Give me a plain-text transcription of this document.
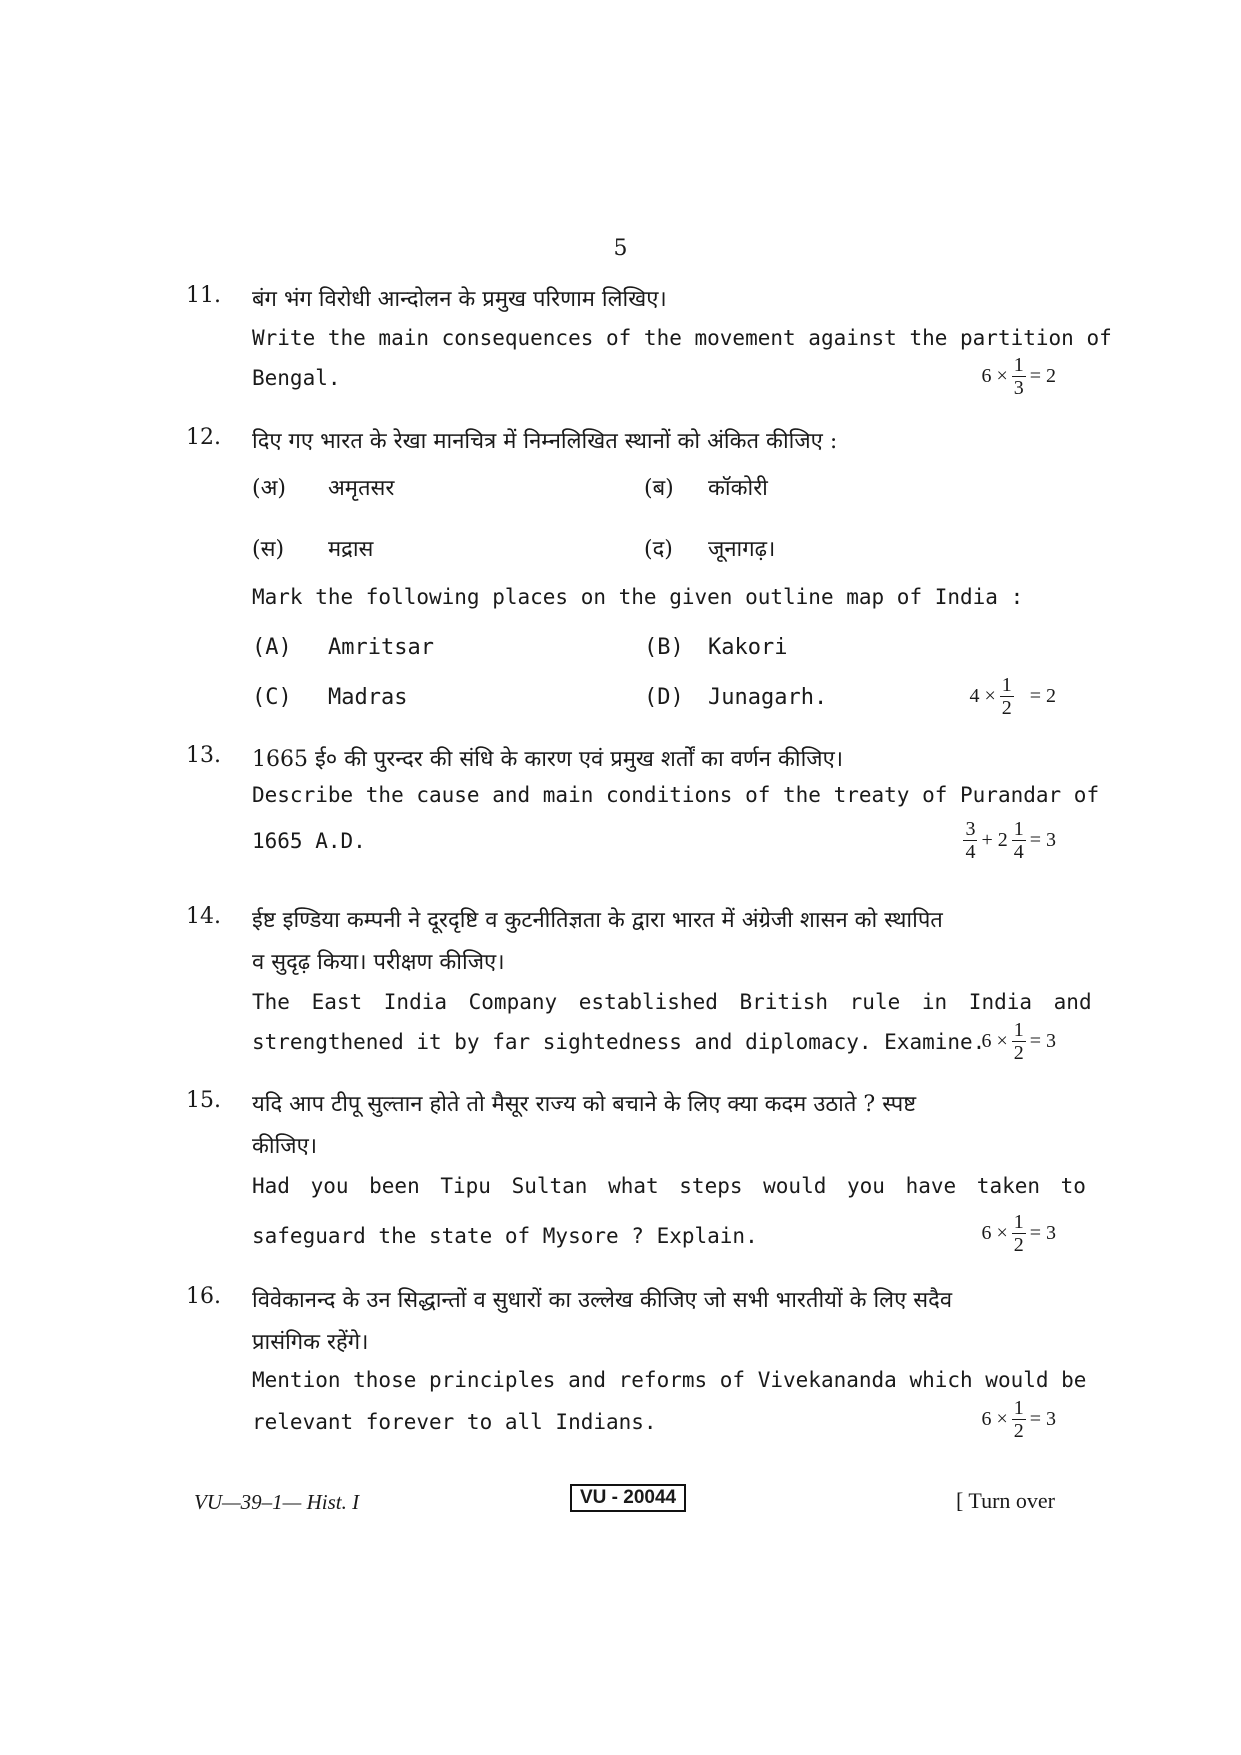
5
11. बंग भंग विरोधी आन्दोलन के प्रमुख परिणाम लिखिए।
Write the main consequences of the movement against the partition of
Bengal.	$6 \times \frac{1}{3} = 2$
12. दिए गए भारत के रेखा मानचित्र में निम्नलिखित स्थानों को अंकित कीजिए :
(अ) अमृतसर	(ब) कॉकोरी
(स) मद्रास	(द) जूनागढ़।
Mark the following places on the given outline map of India :
(A) Amritsar	(B) Kakori
(C) Madras	(D) Junagarh.	$4 \times \frac{1}{2} = 2$
13. 1665 ई० की पुरन्दर की संधि के कारण एवं प्रमुख शर्तों का वर्णन कीजिए।
Describe the cause and main conditions of the treaty of Purandar of
1665 A.D.	$\frac{3}{4} + 2 \frac{1}{4} = 3$
14. ईष्ट इण्डिया कम्पनी ने दूरदृष्टि व कुटनीतिज्ञता के द्वारा भारत में अंग्रेजी शासन को स्थापित
व सुदृढ़ किया। परीक्षण कीजिए।
The East India Company established British rule in India and
strengthened it by far sightedness and diplomacy. Examine.
$6 \times \frac{1}{2} = 3$
15. यदि आप टीपू सुल्तान होते तो मैसूर राज्य को बचाने के लिए क्या कदम उठाते ? स्पष्ट
कीजिए।
Had you been Tipu Sultan what steps would you have taken to
safeguard the state of Mysore ? Explain.	$6 \times \frac{1}{2} = 3$
16. विवेकानन्द के उन सिद्धान्तों व सुधारों का उल्लेख कीजिए जो सभी भारतीयों के लिए सदैव
प्रासंगिक रहेंगे।
Mention those principles and reforms of Vivekananda which would be
relevant forever to all Indians.	$6 \times \frac{1}{2} = 3$
VU—39–1— Hist. I	VU - 20044	[ Turn over
